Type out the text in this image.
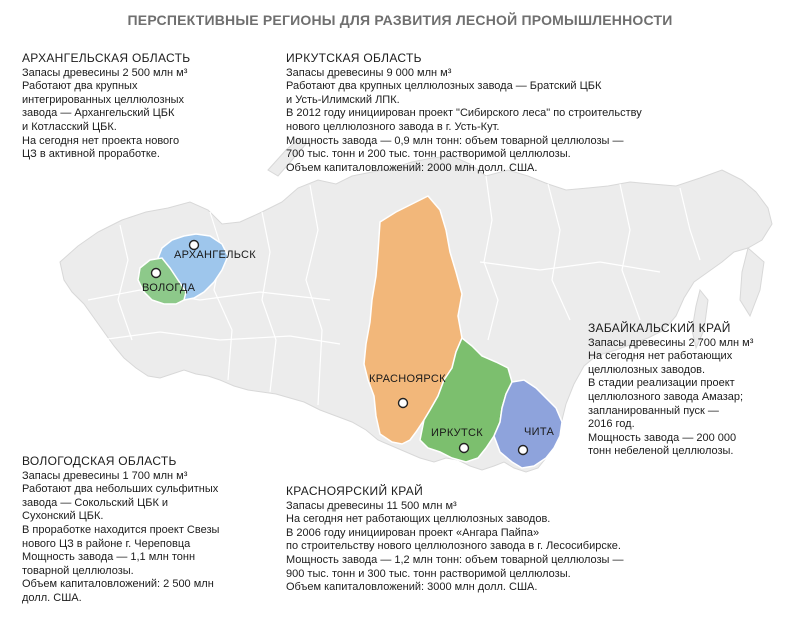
ПЕРСПЕКТИВНЫЕ РЕГИОНЫ ДЛЯ РАЗВИТИЯ ЛЕСНОЙ ПРОМЫШЛЕННОСТИ
АРХАНГЕЛЬСК
ВОЛОГДА
КРАСНОЯРСК
ИРКУТСК	ЧИТА
АРХАНГЕЛЬСКАЯ ОБЛАСТЬ
Запасы древесины 2 500 млн м³
Работают два крупных
интегрированных целлюлозных
завода — Архангельский ЦБК
и Котласский ЦБК.
На сегодня нет проекта нового
ЦЗ в активной проработке.
ИРКУТСКАЯ ОБЛАСТЬ
Запасы древесины 9 000 млн м³
Работают два крупных целлюлозных завода — Братский ЦБК
и Усть-Илимский ЛПК.
В 2012 году инициирован проект "Сибирского леса" по строительству
нового целлюлозного завода в г. Усть-Кут.
Мощность завода — 0,9 млн тонн: объем товарной целлюлозы —
700 тыс. тонн и 200 тыс. тонн растворимой целлюлозы.
Объем капиталовложений: 2000 млн долл. США.
ЗАБАЙКАЛЬСКИЙ КРАЙ
Запасы древесины 2 700 млн м³
На сегодня нет работающих
целлюлозных заводов.
В стадии реализации проект
целлюлозного завода Амазар;
запланированный пуск —
2016 год.
Мощность завода — 200 000
тонн небеленой целлюлозы.
ВОЛОГОДСКАЯ ОБЛАСТЬ
Запасы древесины 1 700 млн м³
Работают два небольших сульфитных
завода — Сокольский ЦБК и
Сухонский ЦБК.
В проработке находится проект Свезы
нового ЦЗ в районе г. Череповца
Мощность завода — 1,1 млн тонн
товарной целлюлозы.
Объем капиталовложений: 2 500 млн
долл. США.
КРАСНОЯРСКИЙ КРАЙ
Запасы древесины 11 500 млн м³
На сегодня нет работающих целлюлозных заводов.
В 2006 году инициирован проект «Ангара Пайпа»
по строительству нового целлюлозного завода в г. Лесосибирске.
Мощность завода — 1,2 млн тонн: объем товарной целлюлозы —
900 тыс. тонн и 300 тыс. тонн растворимой целлюлозы.
Объем капиталовложений: 3000 млн долл. США.
